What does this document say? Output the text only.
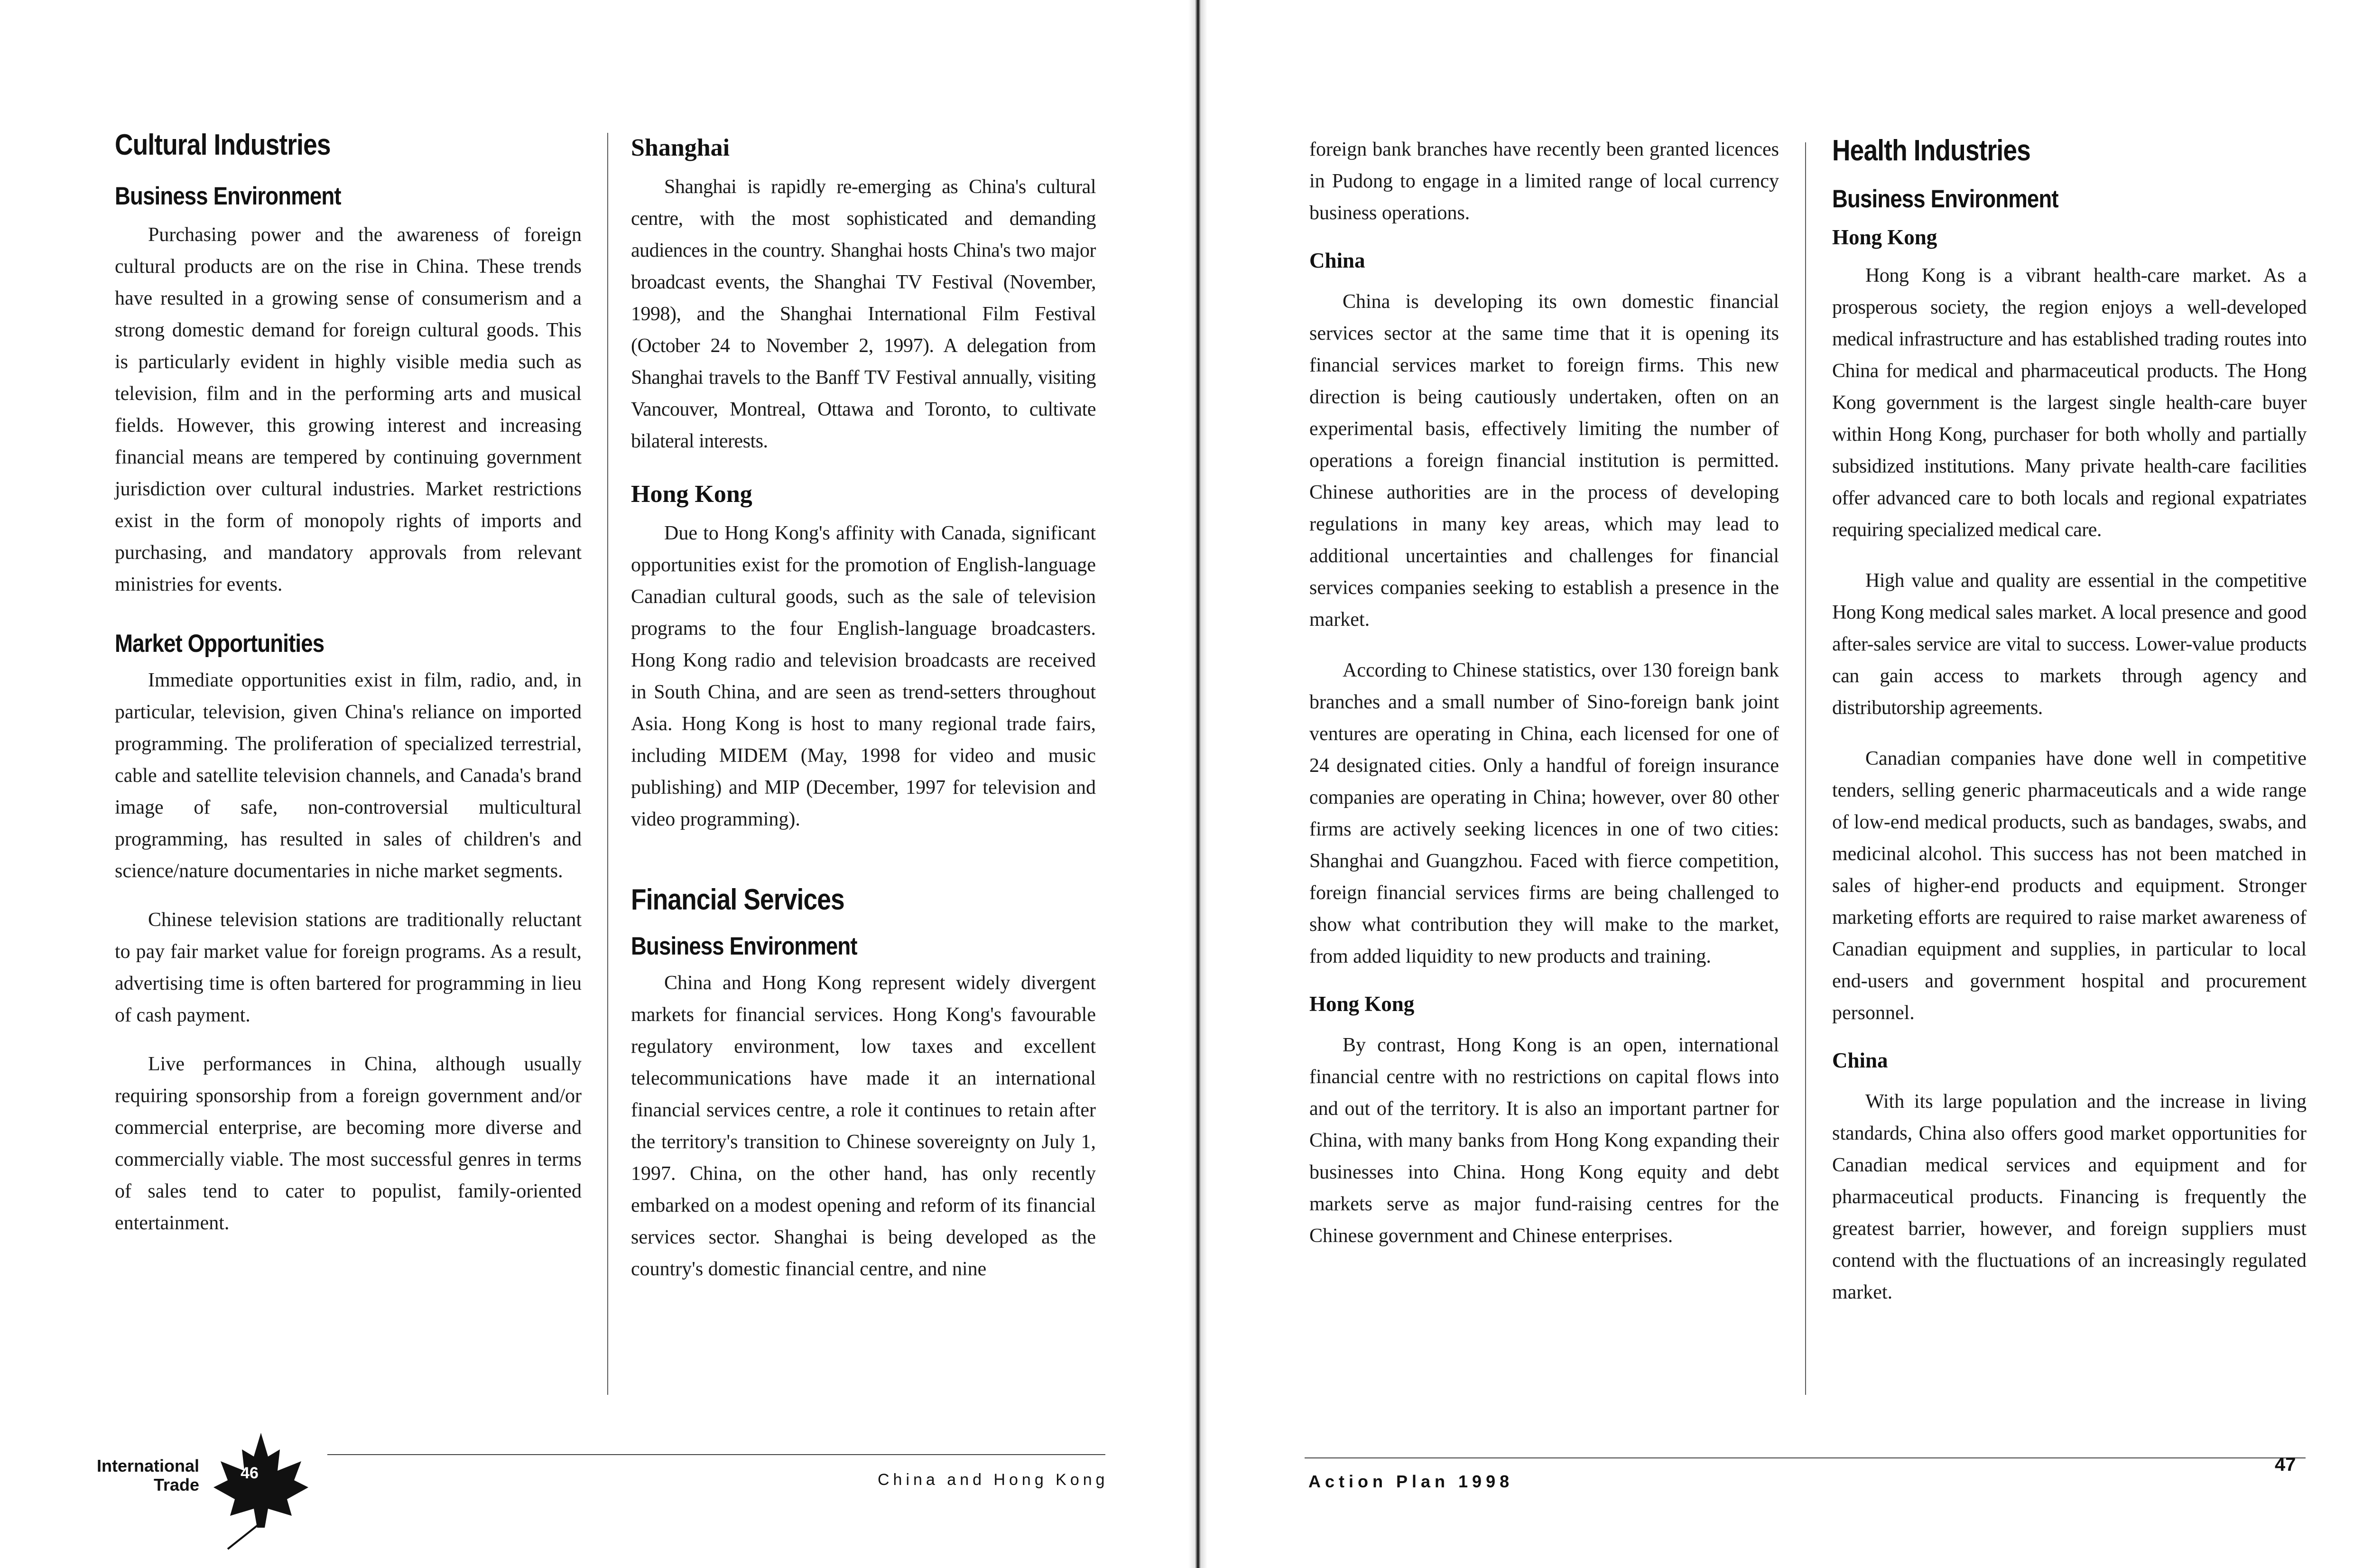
Cultural Industries
Business Environment

Purchasing power and the awareness of foreign cultural products are on the rise in China. These trends have resulted in a growing sense of consumerism and a strong domestic demand for foreign cultural goods. This is particularly evident in highly visible media such as television, film and in the performing arts and musical fields. However, this growing interest and increasing financial means are tempered by continuing government jurisdiction over cultural industries. Market restrictions exist in the form of monopoly rights of imports and purchasing, and mandatory approvals from relevant ministries for events.

Market Opportunities

Immediate opportunities exist in film, radio, and, in particular, television, given China's reliance on imported programming. The proliferation of specialized terrestrial, cable and satellite television channels, and Canada's brand image of safe, non-controversial multicultural programming, has resulted in sales of children's and science/nature documentaries in niche market segments.

Chinese television stations are traditionally reluctant to pay fair market value for foreign programs. As a result, advertising time is often bartered for programming in lieu of cash payment.

Live performances in China, although usually requiring sponsorship from a foreign government and/or commercial enterprise, are becoming more diverse and commercially viable. The most successful genres in terms of sales tend to cater to populist, family-oriented entertainment.

Shanghai

Shanghai is rapidly re-emerging as China's cultural centre, with the most sophisticated and demanding audiences in the country. Shanghai hosts China's two major broadcast events, the Shanghai TV Festival (November, 1998), and the Shanghai International Film Festival (October 24 to November 2, 1997). A delegation from Shanghai travels to the Banff TV Festival annually, visiting Vancouver, Montreal, Ottawa and Toronto, to cultivate bilateral interests.

Hong Kong

Due to Hong Kong's affinity with Canada, significant opportunities exist for the promotion of English-language Canadian cultural goods, such as the sale of television programs to the four English-language broadcasters. Hong Kong radio and television broadcasts are received in South China, and are seen as trend-setters throughout Asia. Hong Kong is host to many regional trade fairs, including MIDEM (May, 1998 for video and music publishing) and MIP (December, 1997 for television and video programming).

Financial Services
Business Environment

China and Hong Kong represent widely divergent markets for financial services. Hong Kong's favourable regulatory environment, low taxes and excellent telecommunications have made it an international financial services centre, a role it continues to retain after the territory's transition to Chinese sovereignty on July 1, 1997. China, on the other hand, has only recently embarked on a modest opening and reform of its financial services sector. Shanghai is being developed as the country's domestic financial centre, and nine

International
Trade
46	China and Hong Kong

foreign bank branches have recently been granted licences in Pudong to engage in a limited range of local currency business operations.

China

China is developing its own domestic financial services sector at the same time that it is opening its financial services market to foreign firms. This new direction is being cautiously undertaken, often on an experimental basis, effectively limiting the number of operations a foreign financial institution is permitted. Chinese authorities are in the process of developing regulations in many key areas, which may lead to additional uncertainties and challenges for financial services companies seeking to establish a presence in the market.

According to Chinese statistics, over 130 foreign bank branches and a small number of Sino-foreign bank joint ventures are operating in China, each licensed for one of 24 designated cities. Only a handful of foreign insurance companies are operating in China; however, over 80 other firms are actively seeking licences in one of two cities: Shanghai and Guangzhou. Faced with fierce competition, foreign financial services firms are being challenged to show what contribution they will make to the market, from added liquidity to new products and training.

Hong Kong

By contrast, Hong Kong is an open, international financial centre with no restrictions on capital flows into and out of the territory. It is also an important partner for China, with many banks from Hong Kong expanding their businesses into China. Hong Kong equity and debt markets serve as major fund-raising centres for the Chinese government and Chinese enterprises.

Health Industries
Business Environment
Hong Kong

Hong Kong is a vibrant health-care market. As a prosperous society, the region enjoys a well-developed medical infrastructure and has established trading routes into China for medical and pharmaceutical products. The Hong Kong government is the largest single health-care buyer within Hong Kong, purchaser for both wholly and partially subsidized institutions. Many private health-care facilities offer advanced care to both locals and regional expatriates requiring specialized medical care.

High value and quality are essential in the competitive Hong Kong medical sales market. A local presence and good after-sales service are vital to success. Lower-value products can gain access to markets through agency and distributorship agreements.

Canadian companies have done well in competitive tenders, selling generic pharmaceuticals and a wide range of low-end medical products, such as bandages, swabs, and medicinal alcohol. This success has not been matched in sales of higher-end products and equipment. Stronger marketing efforts are required to raise market awareness of Canadian equipment and supplies, in particular to local end-users and government hospital and procurement personnel.

China

With its large population and the increase in living standards, China also offers good market opportunities for Canadian medical services and equipment and for pharmaceutical products. Financing is frequently the greatest barrier, however, and foreign suppliers must contend with the fluctuations of an increasingly regulated market.

Action Plan 1998
47
